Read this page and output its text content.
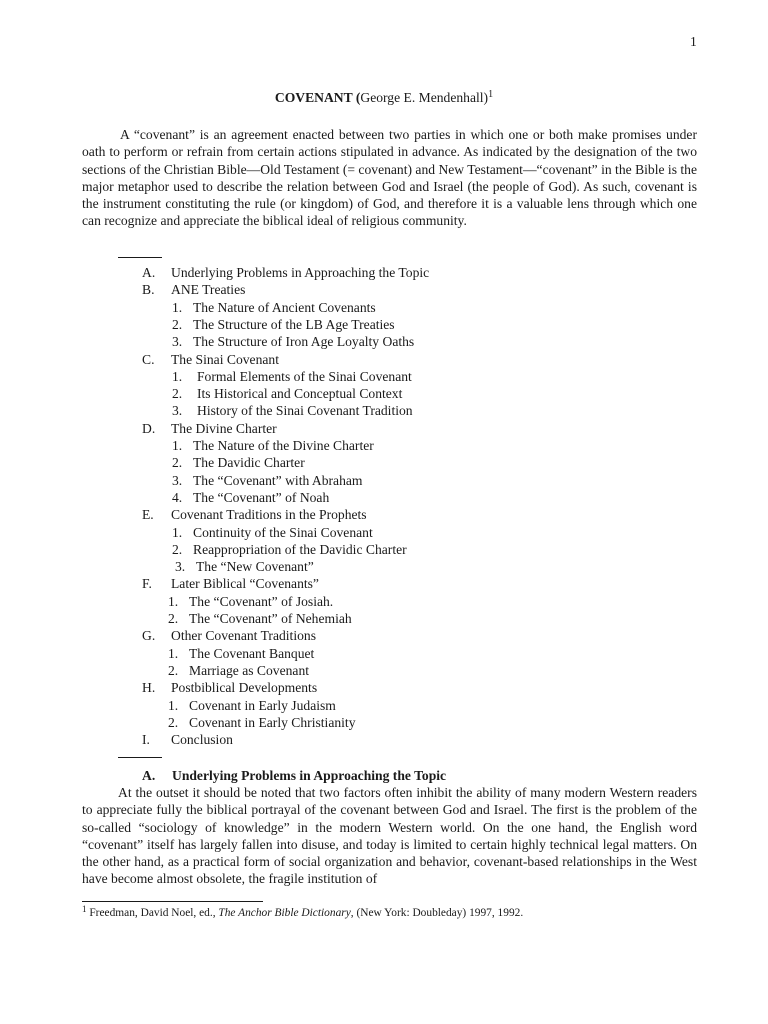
1
COVENANT (George E. Mendenhall)$^1$

A “covenant” is an agreement enacted between two parties in which one or both make promises under oath to perform or refrain from certain actions stipulated in advance. As indicated by the designation of the two sections of the Christian Bible—Old Testament (= covenant) and New Testament—“covenant” in the Bible is the major metaphor used to describe the relation between God and Israel (the people of God). As such, covenant is the instrument constituting the rule (or kingdom) of God, and therefore it is a valuable lens through which one can recognize and appreciate the biblical ideal of religious community.

A. Underlying Problems in Approaching the Topic
B. ANE Treaties
1. The Nature of Ancient Covenants
2. The Structure of the LB Age Treaties
3. The Structure of Iron Age Loyalty Oaths
C. The Sinai Covenant
1. Formal Elements of the Sinai Covenant
2. Its Historical and Conceptual Context
3. History of the Sinai Covenant Tradition
D. The Divine Charter
1. The Nature of the Divine Charter
2. The Davidic Charter
3. The “Covenant” with Abraham
4. The “Covenant” of Noah
E. Covenant Traditions in the Prophets
1. Continuity of the Sinai Covenant
2. Reappropriation of the Davidic Charter
3. The “New Covenant”
F. Later Biblical “Covenants”
1. The “Covenant” of Josiah.
2. The “Covenant” of Nehemiah
G. Other Covenant Traditions
1. The Covenant Banquet
2. Marriage as Covenant
H. Postbiblical Developments
1. Covenant in Early Judaism
2. Covenant in Early Christianity
I. Conclusion
A. Underlying Problems in Approaching the Topic

At the outset it should be noted that two factors often inhibit the ability of many modern Western readers to appreciate fully the biblical portrayal of the covenant between God and Israel. The first is the problem of the so-called “sociology of knowledge” in the modern Western world. On the one hand, the English word “covenant” itself has largely fallen into disuse, and today is limited to certain highly technical legal matters. On the other hand, as a practical form of social organization and behavior, covenant-based relationships in the West have become almost obsolete, the fragile institution of

$^1$ Freedman, David Noel, ed., The Anchor Bible Dictionary, (New York: Doubleday) 1997, 1992.
